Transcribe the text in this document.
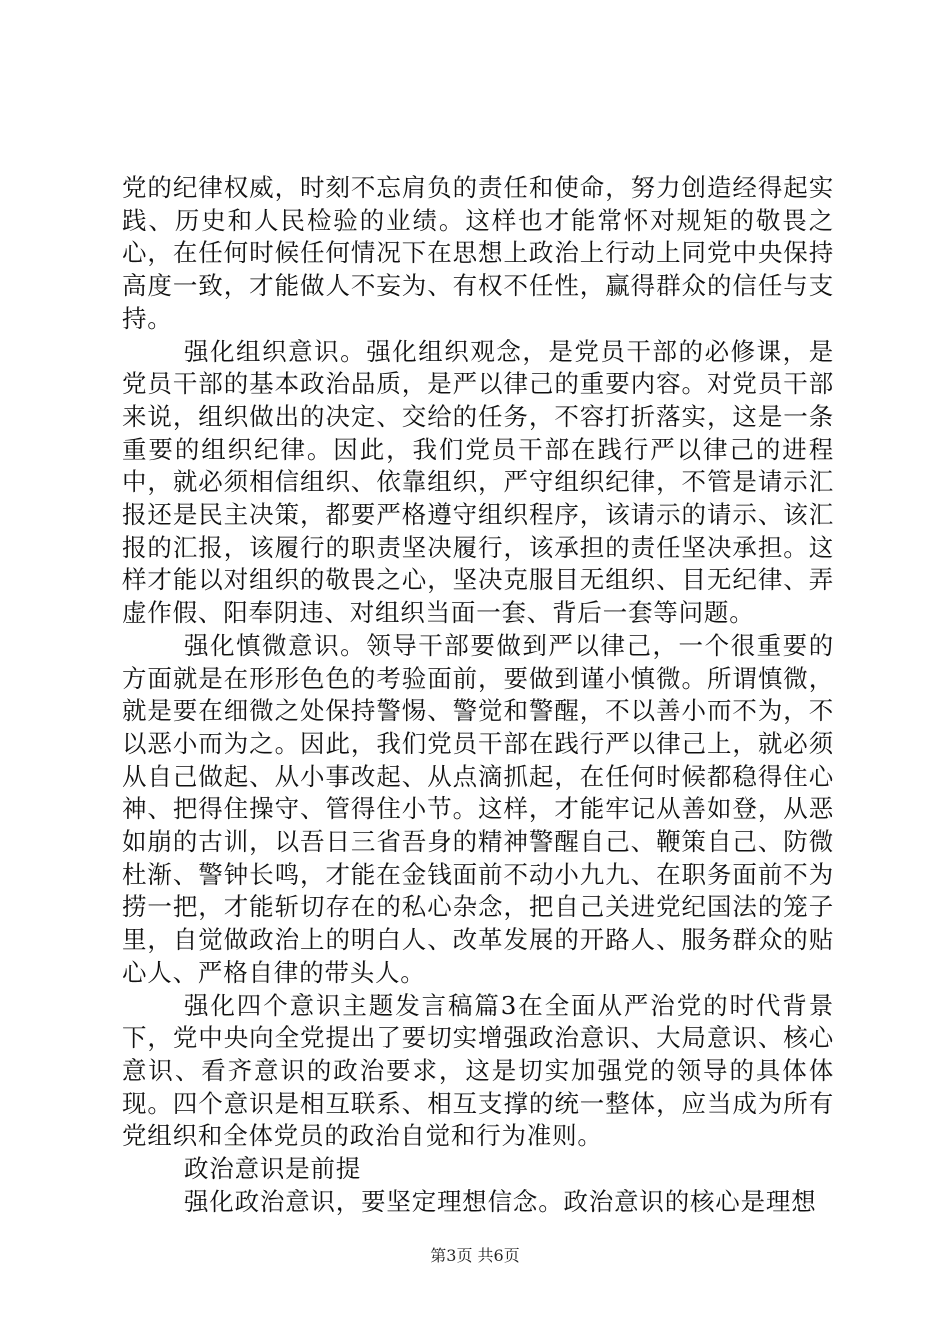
党的纪律权威，时刻不忘肩负的责任和使命，努力创造经得起实践、历史和人民检验的业绩。这样也才能常怀对规矩的敬畏之心，在任何时候任何情况下在思想上政治上行动上同党中央保持高度一致，才能做人不妄为、有权不任性，赢得群众的信任与支持。

强化组织意识。强化组织观念，是党员干部的必修课，是党员干部的基本政治品质，是严以律己的重要内容。对党员干部来说，组织做出的决定、交给的任务，不容打折落实，这是一条重要的组织纪律。因此，我们党员干部在践行严以律己的进程中，就必须相信组织、依靠组织，严守组织纪律，不管是请示汇报还是民主决策，都要严格遵守组织程序，该请示的请示、该汇报的汇报，该履行的职责坚决履行，该承担的责任坚决承担。这样才能以对组织的敬畏之心，坚决克服目无组织、目无纪律、弄虚作假、阳奉阴违、对组织当面一套、背后一套等问题。

强化慎微意识。领导干部要做到严以律己，一个很重要的方面就是在形形色色的考验面前，要做到谨小慎微。所谓慎微，就是要在细微之处保持警惕、警觉和警醒，不以善小而不为，不以恶小而为之。因此，我们党员干部在践行严以律己上，就必须从自己做起、从小事改起、从点滴抓起，在任何时候都稳得住心神、把得住操守、管得住小节。这样，才能牢记从善如登，从恶如崩的古训，以吾日三省吾身的精神警醒自己、鞭策自己、防微杜渐、警钟长鸣，才能在金钱面前不动小九九、在职务面前不为捞一把，才能斩切存在的私心杂念，把自己关进党纪国法的笼子里，自觉做政治上的明白人、改革发展的开路人、服务群众的贴心人、严格自律的带头人。

强化四个意识主题发言稿篇3在全面从严治党的时代背景下，党中央向全党提出了要切实增强政治意识、大局意识、核心意识、看齐意识的政治要求，这是切实加强党的领导的具体体现。四个意识是相互联系、相互支撑的统一整体，应当成为所有党组织和全体党员的政治自觉和行为准则。

政治意识是前提

强化政治意识，要坚定理想信念。政治意识的核心是理想

第3页 共6页
